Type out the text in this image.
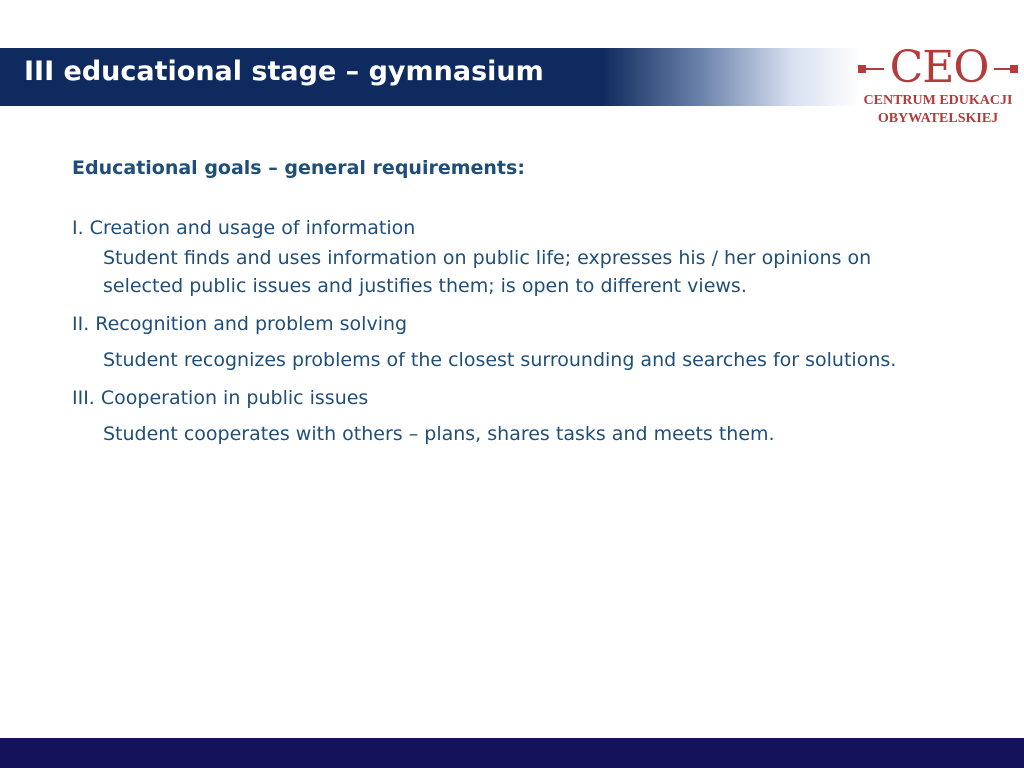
III educational stage – gymnasium	CEO
CENTRUM EDUKACJI
OBYWATELSKIEJ
Educational goals – general requirements:
I. Creation and usage of information
Student finds and uses information on public life; expresses his / her opinions on selected public issues and justifies them; is open to different views.
II. Recognition and problem solving
Student recognizes problems of the closest surrounding and searches for solutions.
III. Cooperation in public issues
Student cooperates with others – plans, shares tasks and meets them.
